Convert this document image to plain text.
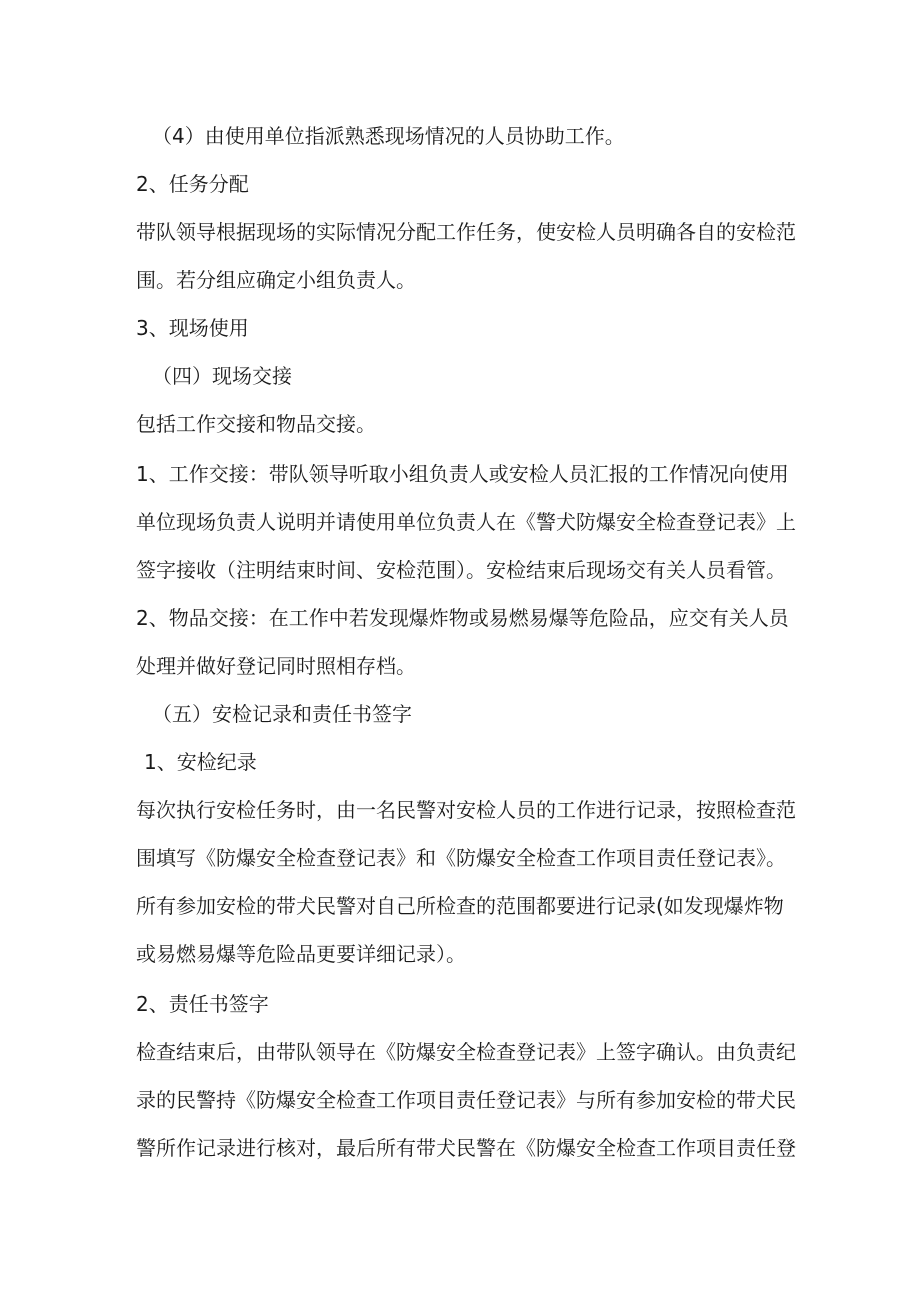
（4）由使用单位指派熟悉现场情况的人员协助工作。

2、任务分配

带队领导根据现场的实际情况分配工作任务，使安检人员明确各自的安检范

围。若分组应确定小组负责人。

3、现场使用

（四）现场交接

包括工作交接和物品交接。

1、工作交接：带队领导听取小组负责人或安检人员汇报的工作情况向使用

单位现场负责人说明并请使用单位负责人在《警犬防爆安全检查登记表》上

签字接收（注明结束时间、安检范围）。安检结束后现场交有关人员看管。

2、物品交接：在工作中若发现爆炸物或易燃易爆等危险品，应交有关人员

处理并做好登记同时照相存档。

（五）安检记录和责任书签字

1、安检纪录

每次执行安检任务时，由一名民警对安检人员的工作进行记录，按照检查范

围填写《防爆安全检查登记表》和《防爆安全检查工作项目责任登记表》。

所有参加安检的带犬民警对自己所检查的范围都要进行记录(如发现爆炸物

或易燃易爆等危险品更要详细记录）。

2、责任书签字

检查结束后，由带队领导在《防爆安全检查登记表》上签字确认。由负责纪

录的民警持《防爆安全检查工作项目责任登记表》与所有参加安检的带犬民

警所作记录进行核对，最后所有带犬民警在《防爆安全检查工作项目责任登
